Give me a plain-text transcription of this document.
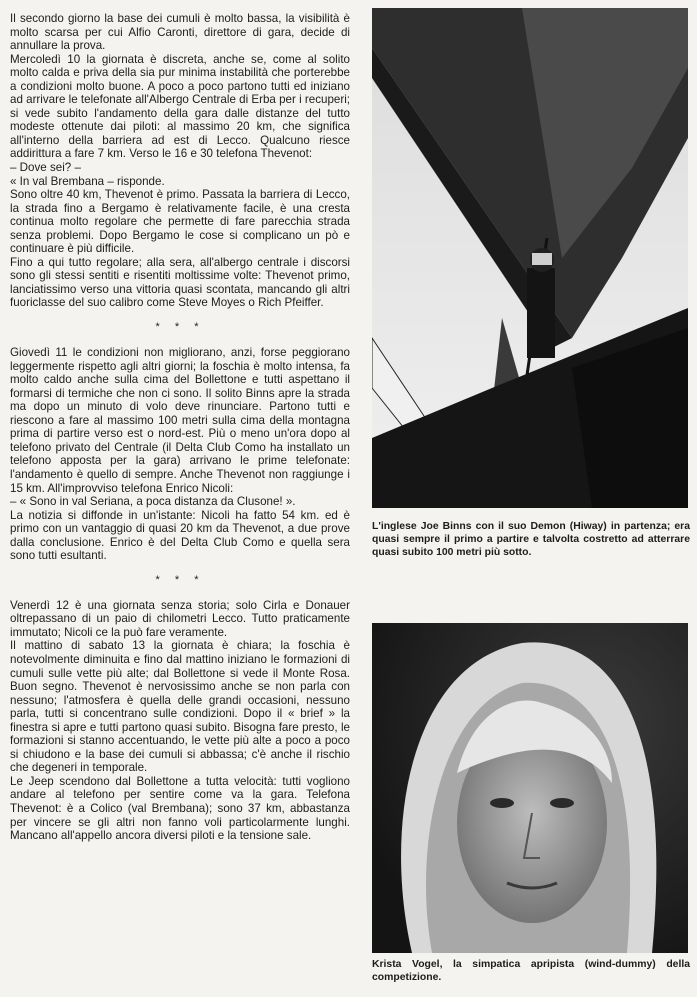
Il secondo giorno la base dei cumuli è molto bassa, la visibilità è molto scarsa per cui Alfio Caronti, direttore di gara, decide di annullare la prova.

Mercoledì 10 la giornata è discreta, anche se, come al solito molto calda e priva della sia pur minima instabilità che porterebbe a condizioni molto buone. A poco a poco partono tutti ed iniziano ad arrivare le telefonate all'Albergo Centrale di Erba per i recuperi; si vede subito l'andamento della gara dalle distanze del tutto modeste ottenute dai piloti: al massimo 20 km, che significa all'interno della barriera ad est di Lecco. Qualcuno riesce addirittura a fare 7 km. Verso le 16 e 30 telefona Thevenot:

– Dove sei? –

« In val Brembana – risponde.

Sono oltre 40 km, Thevenot è primo. Passata la barriera di Lecco, la strada fino a Bergamo è relativamente facile, è una cresta continua molto regolare che permette di fare parecchia strada senza problemi. Dopo Bergamo le cose si complicano un pò e continuare è più difficile.

Fino a qui tutto regolare; alla sera, all'albergo centrale i discorsi sono gli stessi sentiti e risentiti moltissime volte: Thevenot primo, lanciatissimo verso una vittoria quasi scontata, mancando gli altri fuoriclasse del suo calibro come Steve Moyes o Rich Pfeiffer.

* * *

Giovedì 11 le condizioni non migliorano, anzi, forse peggiorano leggermente rispetto agli altri giorni; la foschia è molto intensa, fa molto caldo anche sulla cima del Bollettone e tutti aspettano il formarsi di termiche che non ci sono. Il solito Binns apre la strada ma dopo un minuto di volo deve rinunciare. Partono tutti e riescono a fare al massimo 100 metri sulla cima della montagna prima di partire verso est o nord-est. Più o meno un'ora dopo al telefono privato del Centrale (il Delta Club Como ha installato un telefono apposta per la gara) arrivano le prime telefonate: l'andamento è quello di sempre. Anche Thevenot non raggiunge i 15 km. All'improvviso telefona Enrico Nicoli:

– « Sono in val Seriana, a poca distanza da Clusone! ».

La notizia si diffonde in un'istante: Nicoli ha fatto 54 km. ed è primo con un vantaggio di quasi 20 km da Thevenot, a due prove dalla conclusione. Enrico è del Delta Club Como e quella sera sono tutti esultanti.

* * *

Venerdì 12 è una giornata senza storia; solo Cirla e Donauer oltrepassano di un paio di chilometri Lecco. Tutto praticamente immutato; Nicoli ce la può fare veramente.

Il mattino di sabato 13 la giornata è chiara; la foschia è notevolmente diminuita e fino dal mattino iniziano le formazioni di cumuli sulle vette più alte; dal Bollettone si vede il Monte Rosa. Buon segno. Thevenot è nervosissimo anche se non parla con nessuno; l'atmosfera è quella delle grandi occasioni, nessuno parla, tutti si concentrano sulle condizioni. Dopo il « brief » la finestra si apre e tutti partono quasi subito. Bisogna fare presto, le formazioni si stanno accentuando, le vette più alte a poco a poco si chiudono e la base dei cumuli si abbassa; c'è anche il rischio che degeneri in temporale.

Le Jeep scendono dal Bollettone a tutta velocità: tutti vogliono andare al telefono per sentire come va la gara. Telefona Thevenot: è a Colico (val Brembana); sono 37 km, abbastanza per vincere se gli altri non fanno voli particolarmente lunghi. Mancano all'appello ancora diversi piloti e la tensione sale.

L'inglese Joe Binns con il suo Demon (Hiway) in partenza; era quasi sempre il primo a partire e talvolta costretto ad atterrare quasi subito 100 metri più sotto.
Krista Vogel, la simpatica apripista (wind-dummy) della competizione.
